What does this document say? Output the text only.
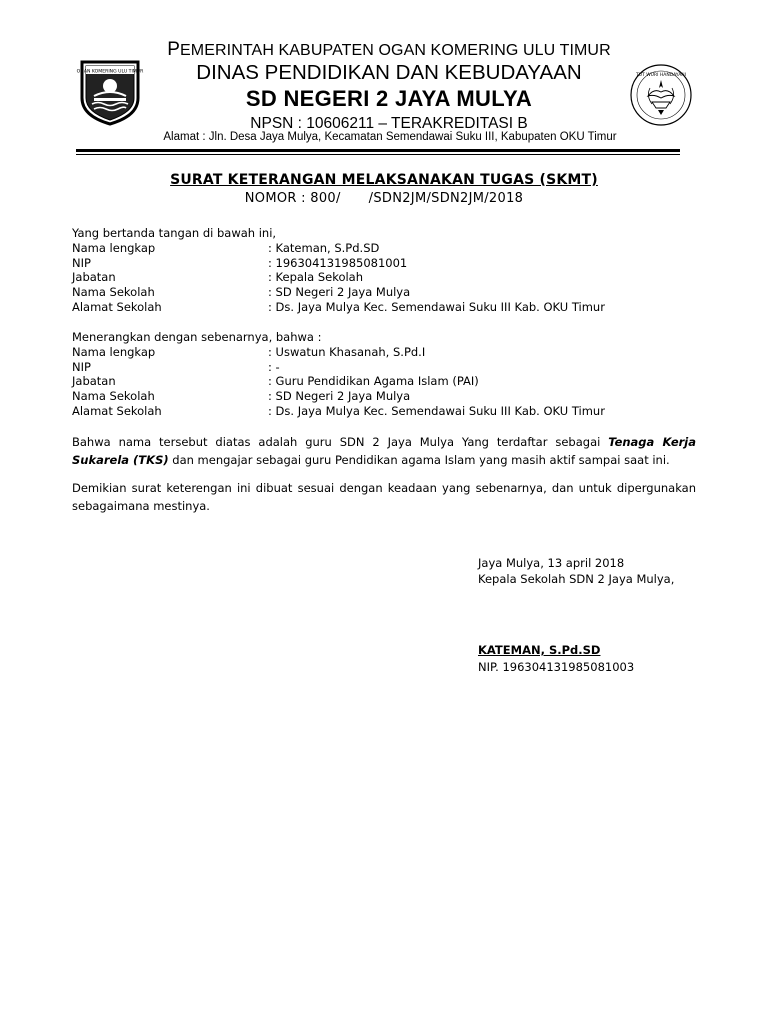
OGAN KOMERING ULU TIMUR
PEMERINTAH KABUPATEN OGAN KOMERING ULU TIMUR
DINAS PENDIDIKAN DAN KEBUDAYAAN
SD NEGERI 2 JAYA MULYA
NPSN : 10606211 – TERAKREDITASI B
TUT WURI HANDAYANI
Alamat : Jln. Desa Jaya Mulya, Kecamatan Semendawai Suku III, Kabupaten OKU Timur
SURAT KETERANGAN MELAKSANAKAN TUGAS (SKMT)
NOMOR : 800/ /SDN2JM/SDN2JM/2018
Yang bertanda tangan di bawah ini,
Nama lengkap	: Kateman, S.Pd.SD
NIP	: 196304131985081001
Jabatan	: Kepala Sekolah
Nama Sekolah	: SD Negeri 2 Jaya Mulya
Alamat Sekolah	: Ds. Jaya Mulya Kec. Semendawai Suku III Kab. OKU Timur
Menerangkan dengan sebenarnya, bahwa :
Nama lengkap	: Uswatun Khasanah, S.Pd.I
NIP	: -
Jabatan	: Guru Pendidikan Agama Islam (PAI)
Nama Sekolah	: SD Negeri 2 Jaya Mulya
Alamat Sekolah	: Ds. Jaya Mulya Kec. Semendawai Suku III Kab. OKU Timur
Bahwa nama tersebut diatas adalah guru SDN 2 Jaya Mulya Yang terdaftar sebagai Tenaga Kerja Sukarela (TKS) dan mengajar sebagai guru Pendidikan agama Islam yang masih aktif sampai saat ini.
Demikian surat keterengan ini dibuat sesuai dengan keadaan yang sebenarnya, dan untuk dipergunakan sebagaimana mestinya.
Jaya Mulya, 13 april 2018
Kepala Sekolah SDN 2 Jaya Mulya,
KATEMAN, S.Pd.SD
NIP. 196304131985081003
